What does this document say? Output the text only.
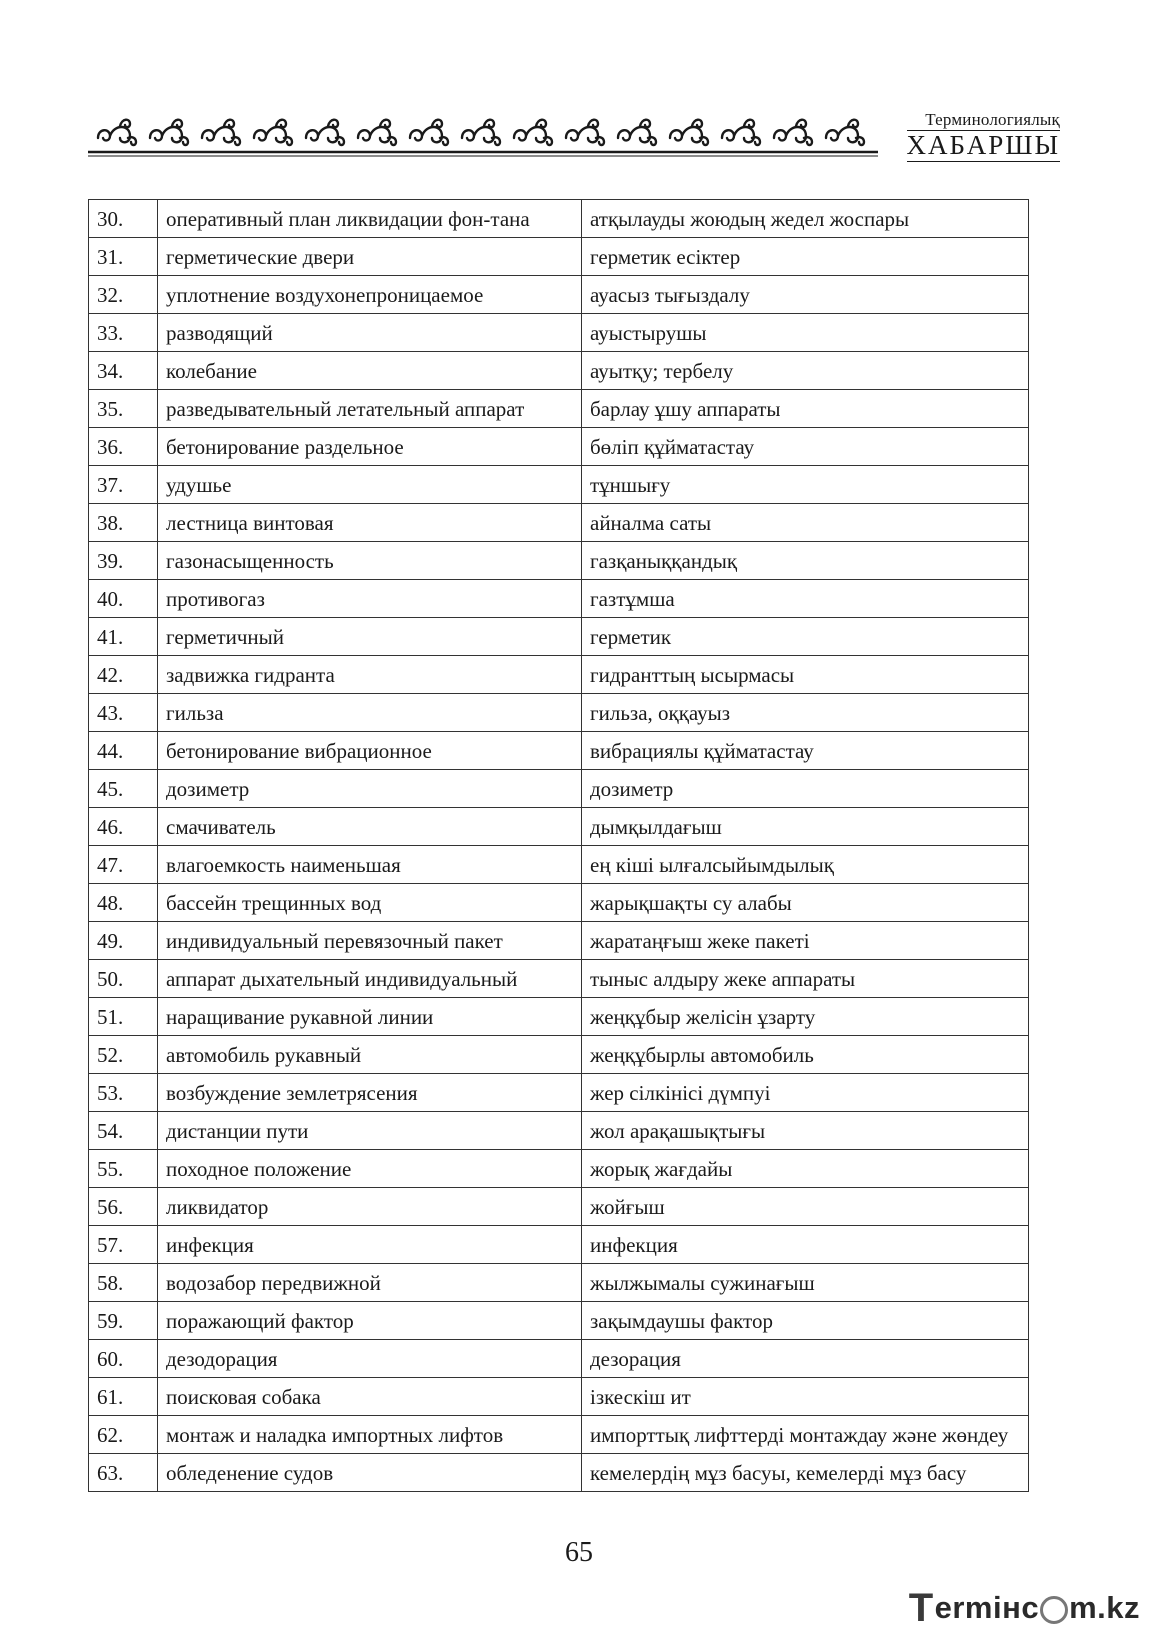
Терминологиялық
ХАБАРШЫ
30.	оперативный план ликвидации фон-тана	атқылауды жоюдың жедел жоспары
31.	герметические двери	герметик есіктер
32.	уплотнение воздухонепроницаемое	ауасыз тығыздалу
33.	разводящий	ауыстырушы
34.	колебание	ауытқу; тербелу
35.	разведывательный летательный аппарат	барлау ұшу аппараты
36.	бетонирование раздельное	бөліп құйматастау
37.	удушье	тұншығу
38.	лестница винтовая	айналма саты
39.	газонасыщенность	газқаныққандық
40.	противогаз	газтұмша
41.	герметичный	герметик
42.	задвижка гидранта	гидранттың ысырмасы
43.	гильза	гильза, оққауыз
44.	бетонирование вибрационное	вибрациялы құйматастау
45.	дозиметр	дозиметр
46.	смачиватель	дымқылдағыш
47.	влагоемкость наименьшая	ең кіші ылғалсыйымдылық
48.	бассейн трещинных вод	жарықшақты су алабы
49.	индивидуальный перевязочный пакет	жаратаңғыш жеке пакеті
50.	аппарат дыхательный индивидуальный	тыныс алдыру жеке аппараты
51.	наращивание рукавной линии	жеңқұбыр желісін ұзарту
52.	автомобиль рукавный	жеңқұбырлы автомобиль
53.	возбуждение землетрясения	жер сілкінісі дүмпуі
54.	дистанции пути	жол арақашықтығы
55.	походное положение	жорық жағдайы
56.	ликвидатор	жойғыш
57.	инфекция	инфекция
58.	водозабор передвижной	жылжымалы сужинағыш
59.	поражающий фактор	зақымдаушы фактор
60.	дезодорация	дезорация
61.	поисковая собака	ізкескіш ит
62.	монтаж и наладка импортных лифтов	импорттық лифттерді монтаждау және жөндеу
63.	обледенение судов	кемелердің мұз басуы, кемелерді мұз басу
65
T ermінc m.kz
